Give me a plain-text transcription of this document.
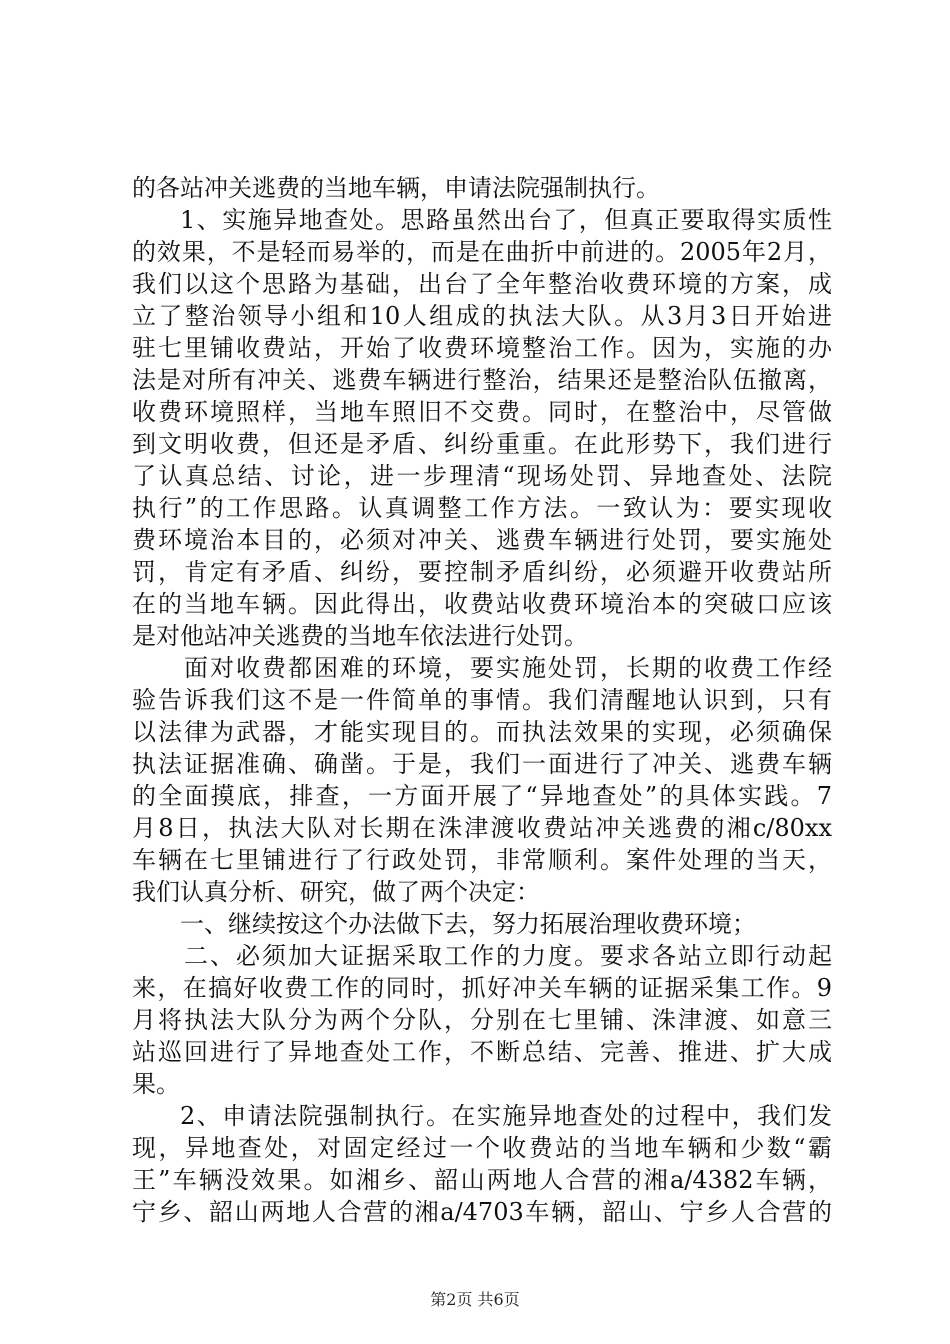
的各站冲关逃费的当地车辆，申请法院强制执行。
1、实施异地查处。思路虽然出台了，但真正要取得实质性
的效果，不是轻而易举的，而是在曲折中前进的。2005年2月，
我们以这个思路为基础，出台了全年整治收费环境的方案，成
立了整治领导小组和10人组成的执法大队。从3月3日开始进
驻七里铺收费站，开始了收费环境整治工作。因为，实施的办
法是对所有冲关、逃费车辆进行整治，结果还是整治队伍撤离，
收费环境照样，当地车照旧不交费。同时，在整治中，尽管做
到文明收费，但还是矛盾、纠纷重重。在此形势下，我们进行
了认真总结、讨论，进一步理清“现场处罚、异地查处、法院
执行”的工作思路。认真调整工作方法。一致认为：要实现收
费环境治本目的，必须对冲关、逃费车辆进行处罚，要实施处
罚，肯定有矛盾、纠纷，要控制矛盾纠纷，必须避开收费站所
在的当地车辆。因此得出，收费站收费环境治本的突破口应该
是对他站冲关逃费的当地车依法进行处罚。
面对收费都困难的环境，要实施处罚，长期的收费工作经
验告诉我们这不是一件简单的事情。我们清醒地认识到，只有
以法律为武器，才能实现目的。而执法效果的实现，必须确保
执法证据准确、确凿。于是，我们一面进行了冲关、逃费车辆
的全面摸底，排查，一方面开展了“异地查处”的具体实践。7
月8日，执法大队对长期在洙津渡收费站冲关逃费的湘c/80xx
车辆在七里铺进行了行政处罚，非常顺利。案件处理的当天，
我们认真分析、研究，做了两个决定：
一、继续按这个办法做下去，努力拓展治理收费环境；
二、必须加大证据采取工作的力度。要求各站立即行动起
来，在搞好收费工作的同时，抓好冲关车辆的证据采集工作。9
月将执法大队分为两个分队，分别在七里铺、洙津渡、如意三
站巡回进行了异地查处工作，不断总结、完善、推进、扩大成
果。
2、申请法院强制执行。在实施异地查处的过程中，我们发
现，异地查处，对固定经过一个收费站的当地车辆和少数“霸
王”车辆没效果。如湘乡、韶山两地人合营的湘a/4382车辆，
宁乡、韶山两地人合营的湘a/4703车辆，韶山、宁乡人合营的
第2页 共6页
